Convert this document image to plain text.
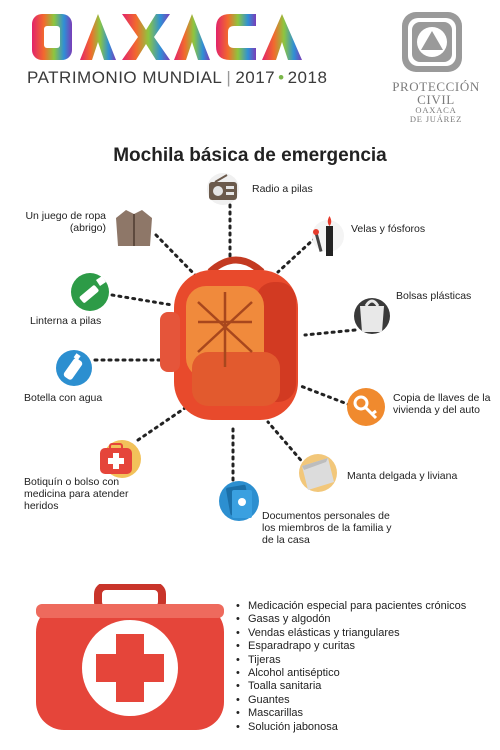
PATRIMONIO MUNDIAL | 2017 • 2018	PROTECCIÓN
CIVIL
OAXACA
DE JUÁREZ
Mochila básica de emergencia
Radio a pilas
Un juego de ropa (abrigo)	Velas y fósforos
Linterna a pilas
Bolsas plásticas
Botella con agua	Copia de llaves de la vivienda y del auto
Botiquín o bolso con medicina para atender heridos
Manta delgada y liviana
Documentos personales de los miembros de la familia y de la casa
• Medicación especial para pacientes crónicos
• Gasas y algodón
• Vendas elásticas y triangulares
• Esparadrapo y curitas
• Tijeras
• Alcohol antiséptico
• Toalla sanitaria
• Guantes
• Mascarillas
• Solución jabonosa
